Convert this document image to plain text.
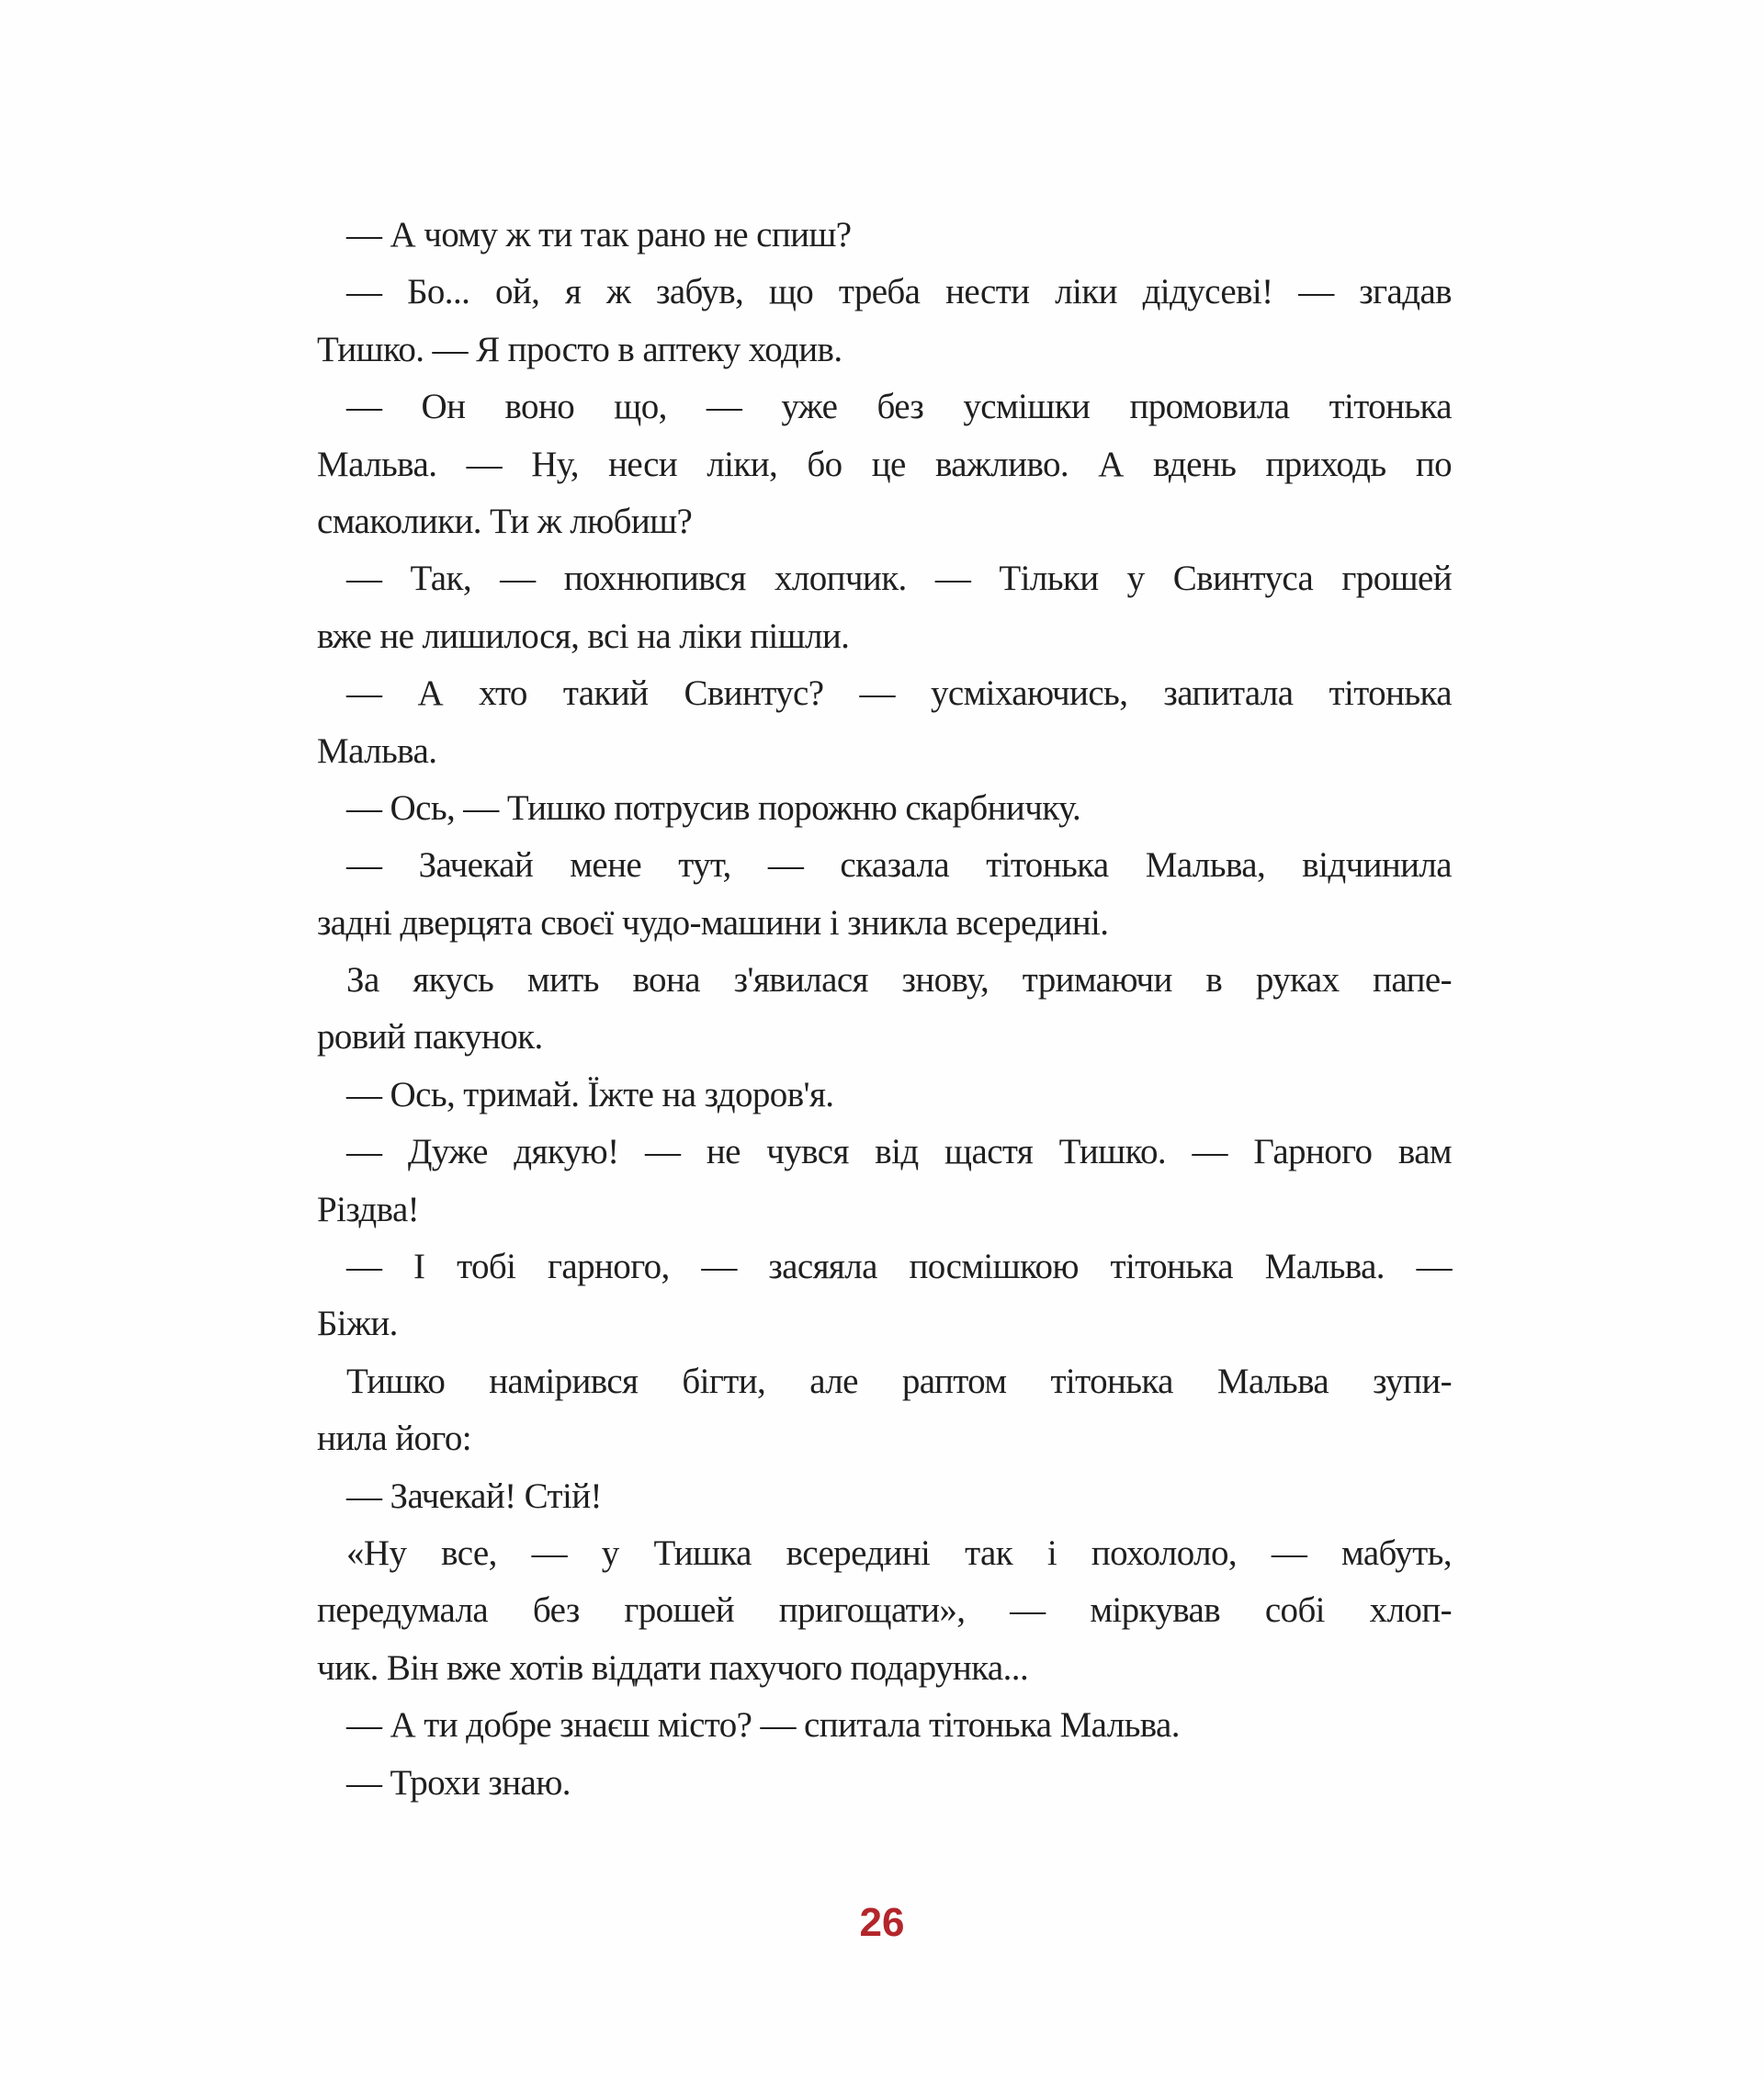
— А чому ж ти так рано не спиш?
— Бо... ой, я ж забув, що треба нести ліки дідусеві! — згадав
Тишко. — Я просто в аптеку ходив.
— Он воно що, — уже без усмішки промовила тітонька
Мальва. — Ну, неси ліки, бо це важливо. А вдень приходь по
смаколики. Ти ж любиш?
— Так, — похнюпився хлопчик. — Тільки у Свинтуса грошей
вже не лишилося, всі на ліки пішли.
— А хто такий Свинтус? — усміхаючись, запитала тітонька
Мальва.
— Ось, — Тишко потрусив порожню скарбничку.
— Зачекай мене тут, — сказала тітонька Мальва, відчинила
задні дверцята своєї чудо-машини і зникла всередині.
За якусь мить вона з'явилася знову, тримаючи в руках папе-
ровий пакунок.
— Ось, тримай. Їжте на здоров'я.
— Дуже дякую! — не чувся від щастя Тишко. — Гарного вам
Різдва!
— І тобі гарного, — засяяла посмішкою тітонька Мальва. —
Біжи.
Тишко намірився бігти, але раптом тітонька Мальва зупи-
нила його:
— Зачекай! Стій!
«Ну все, — у Тишка всередині так і похололо, — мабуть,
передумала без грошей пригощати», — міркував собі хлоп-
чик. Він вже хотів віддати пахучого подарунка...
— А ти добре знаєш місто? — спитала тітонька Мальва.
— Трохи знаю.
26
